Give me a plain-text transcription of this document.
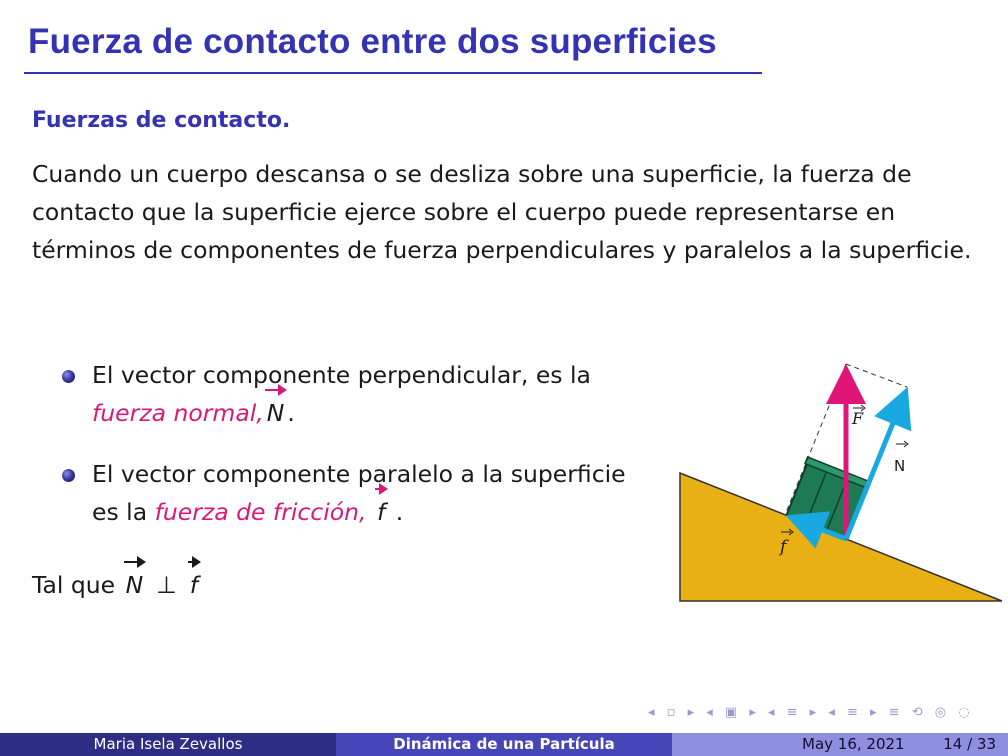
Fuerza de contacto entre dos superficies
Fuerzas de contacto.
Cuando un cuerpo descansa o se desliza sobre una superficie, la fuerza de contacto que la superficie ejerce sobre el cuerpo puede representarse en términos de componentes de fuerza perpendiculares y paralelos a la superficie.
El vector componente perpendicular, es la fuerza normal, N .
El vector componente paralelo a la superficie es la fuerza de fricción, f .
Tal que N ⊥ f
F
N
f
◂ ▫ ▸ ◂ ▣ ▸ ◂ ≡ ▸ ◂ ≡ ▸ ≡ ⟲ ◎ ◌
Maria Isela Zevallos	Dinámica de una Partícula	May 16, 2021	14 / 33
